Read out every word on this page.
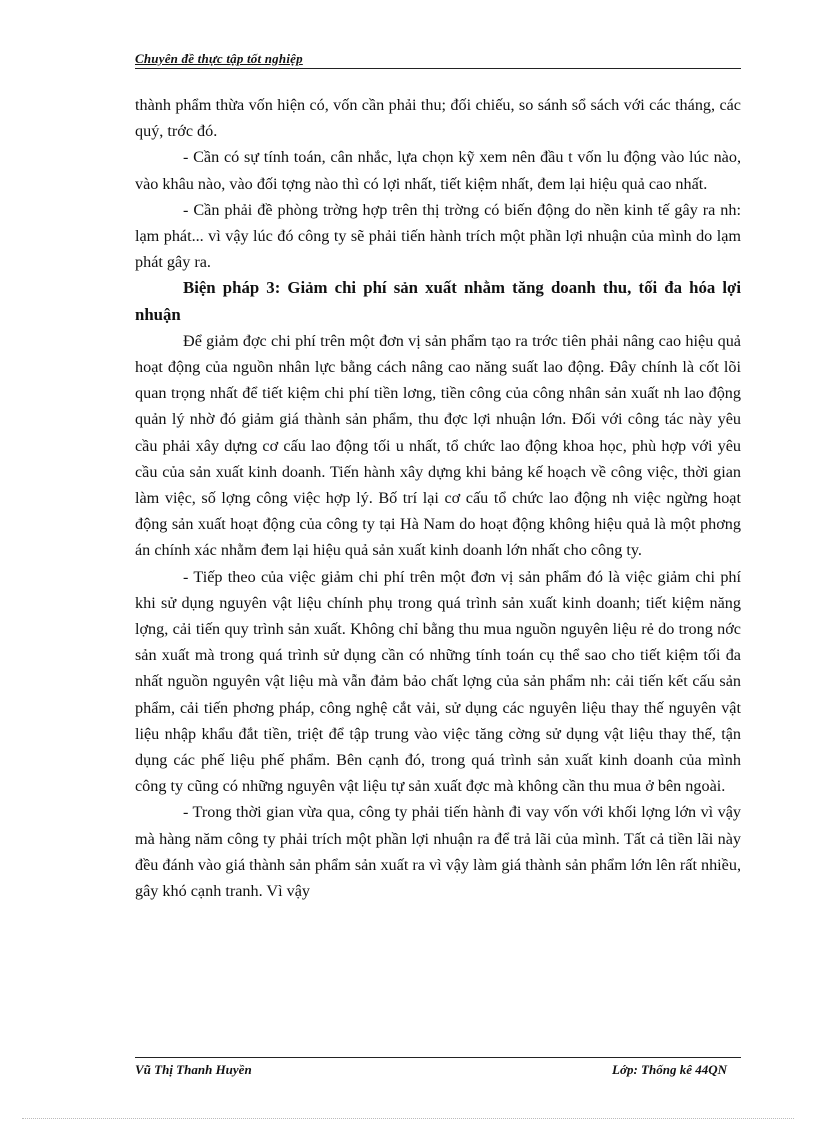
Chuyên đề thực tập tốt nghiệp

thành phẩm thừa vốn hiện có, vốn cần phải thu; đối chiếu, so sánh sổ sách với các tháng, các quý, trớc đó.

- Cần có sự tính toán, cân nhắc, lựa chọn kỹ xem nên đầu t vốn lu động vào lúc nào, vào khâu nào, vào đối tợng nào thì có lợi nhất, tiết kiệm nhất, đem lại hiệu quả cao nhất.

- Cần phải đề phòng trờng hợp trên thị trờng có biến động do nền kinh tế gây ra nh: lạm phát... vì vậy lúc đó công ty sẽ phải tiến hành trích một phần lợi nhuận của mình do lạm phát gây ra.

Biện pháp 3: Giảm chi phí sản xuất nhằm tăng doanh thu, tối đa hóa lợi nhuận

Để giảm đợc chi phí trên một đơn vị sản phẩm tạo ra trớc tiên phải nâng cao hiệu quả hoạt động của nguồn nhân lực bằng cách nâng cao năng suất lao động. Đây chính là cốt lõi quan trọng nhất để tiết kiệm chi phí tiền lơng, tiền công của công nhân sản xuất nh lao động quản lý nhờ đó giảm giá thành sản phẩm, thu đợc lợi nhuận lớn. Đối với công tác này yêu cầu phải xây dựng cơ cấu lao động tối u nhất, tổ chức lao động khoa học, phù hợp với yêu cầu của sản xuất kinh doanh. Tiến hành xây dựng khi bảng kế hoạch về công việc, thời gian làm việc, số lợng công việc hợp lý. Bố trí lại cơ cấu tổ chức lao động nh việc ngừng hoạt động sản xuất hoạt động của công ty tại Hà Nam do hoạt động không hiệu quả là một phơng án chính xác nhằm đem lại hiệu quả sản xuất kinh doanh lớn nhất cho công ty.

- Tiếp theo của việc giảm chi phí trên một đơn vị sản phẩm đó là việc giảm chi phí khi sử dụng nguyên vật liệu chính phụ trong quá trình sản xuất kinh doanh; tiết kiệm năng lợng, cải tiến quy trình sản xuất. Không chỉ bằng thu mua nguồn nguyên liệu rẻ do trong nớc sản xuất mà trong quá trình sử dụng cần có những tính toán cụ thể sao cho tiết kiệm tối đa nhất nguồn nguyên vật liệu mà vẫn đảm bảo chất lợng của sản phẩm nh: cải tiến kết cấu sản phẩm, cải tiến phơng pháp, công nghệ cắt vải, sử dụng các nguyên liệu thay thế nguyên vật liệu nhập khẩu đắt tiền, triệt để tập trung vào việc tăng cờng sử dụng vật liệu thay thế, tận dụng các phế liệu phế phẩm. Bên cạnh đó, trong quá trình sản xuất kinh doanh của mình công ty cũng có những nguyên vật liệu tự sản xuất đợc mà không cần thu mua ở bên ngoài.

- Trong thời gian vừa qua, công ty phải tiến hành đi vay vốn với khối lợng lớn vì vậy mà hàng năm công ty phải trích một phần lợi nhuận ra để trả lãi của mình. Tất cả tiền lãi này đều đánh vào giá thành sản phẩm sản xuất ra vì vậy làm giá thành sản phẩm lớn lên rất nhiều, gây khó cạnh tranh. Vì vậy

Vũ Thị Thanh Huyền	Lớp: Thống kê 44QN
